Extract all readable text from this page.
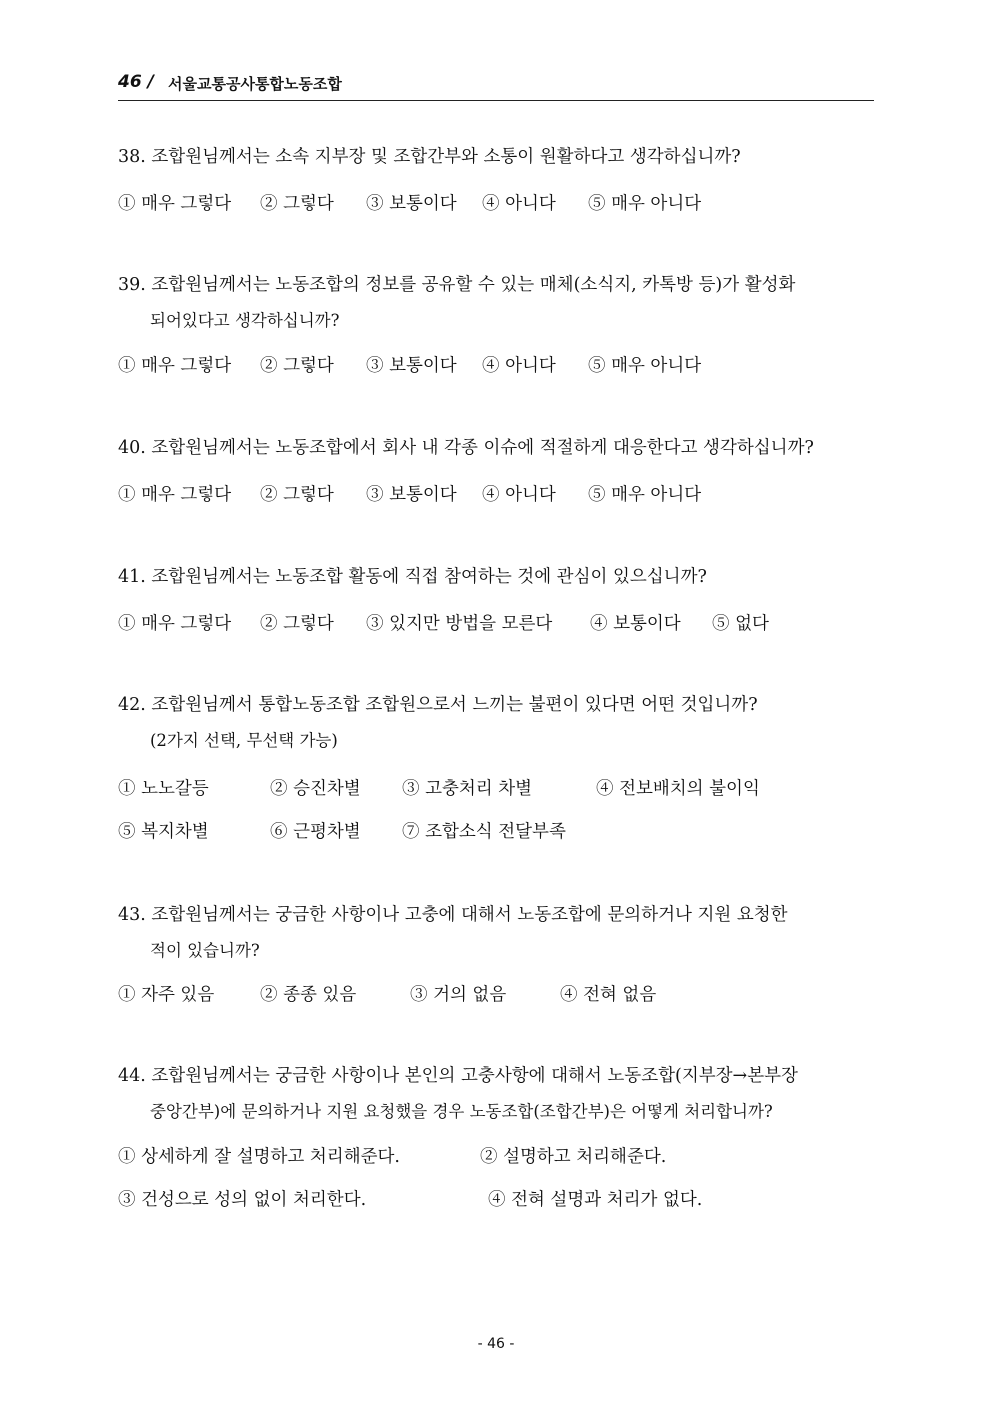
46 / 서울교통공사통합노동조합
38. 조합원님께서는 소속 지부장 및 조합간부와 소통이 원활하다고 생각하십니까?
① 매우 그렇다 ② 그렇다 ③ 보통이다 ④ 아니다 ⑤ 매우 아니다
39. 조합원님께서는 노동조합의 정보를 공유할 수 있는 매체(소식지, 카톡방 등)가 활성화
되어있다고 생각하십니까?
① 매우 그렇다 ② 그렇다 ③ 보통이다 ④ 아니다 ⑤ 매우 아니다
40. 조합원님께서는 노동조합에서 회사 내 각종 이슈에 적절하게 대응한다고 생각하십니까?
① 매우 그렇다 ② 그렇다 ③ 보통이다 ④ 아니다 ⑤ 매우 아니다
41. 조합원님께서는 노동조합 활동에 직접 참여하는 것에 관심이 있으십니까?
① 매우 그렇다 ② 그렇다 ③ 있지만 방법을 모른다 ④ 보통이다 ⑤ 없다
42. 조합원님께서 통합노동조합 조합원으로서 느끼는 불편이 있다면 어떤 것입니까?
(2가지 선택, 무선택 가능)
① 노노갈등	② 승진차별 ③ 고충처리 차별	④ 전보배치의 불이익
⑤ 복지차별	⑥ 근평차별 ⑦ 조합소식 전달부족
43. 조합원님께서는 궁금한 사항이나 고충에 대해서 노동조합에 문의하거나 지원 요청한
적이 있습니까?
① 자주 있음	② 종종 있음	③ 거의 없음	④ 전혀 없음
44. 조합원님께서는 궁금한 사항이나 본인의 고충사항에 대해서 노동조합(지부장→본부장
중앙간부)에 문의하거나 지원 요청했을 경우 노동조합(조합간부)은 어떻게 처리합니까?
① 상세하게 잘 설명하고 처리해준다.	② 설명하고 처리해준다.
③ 건성으로 성의 없이 처리한다.	④ 전혀 설명과 처리가 없다.
- 46 -
